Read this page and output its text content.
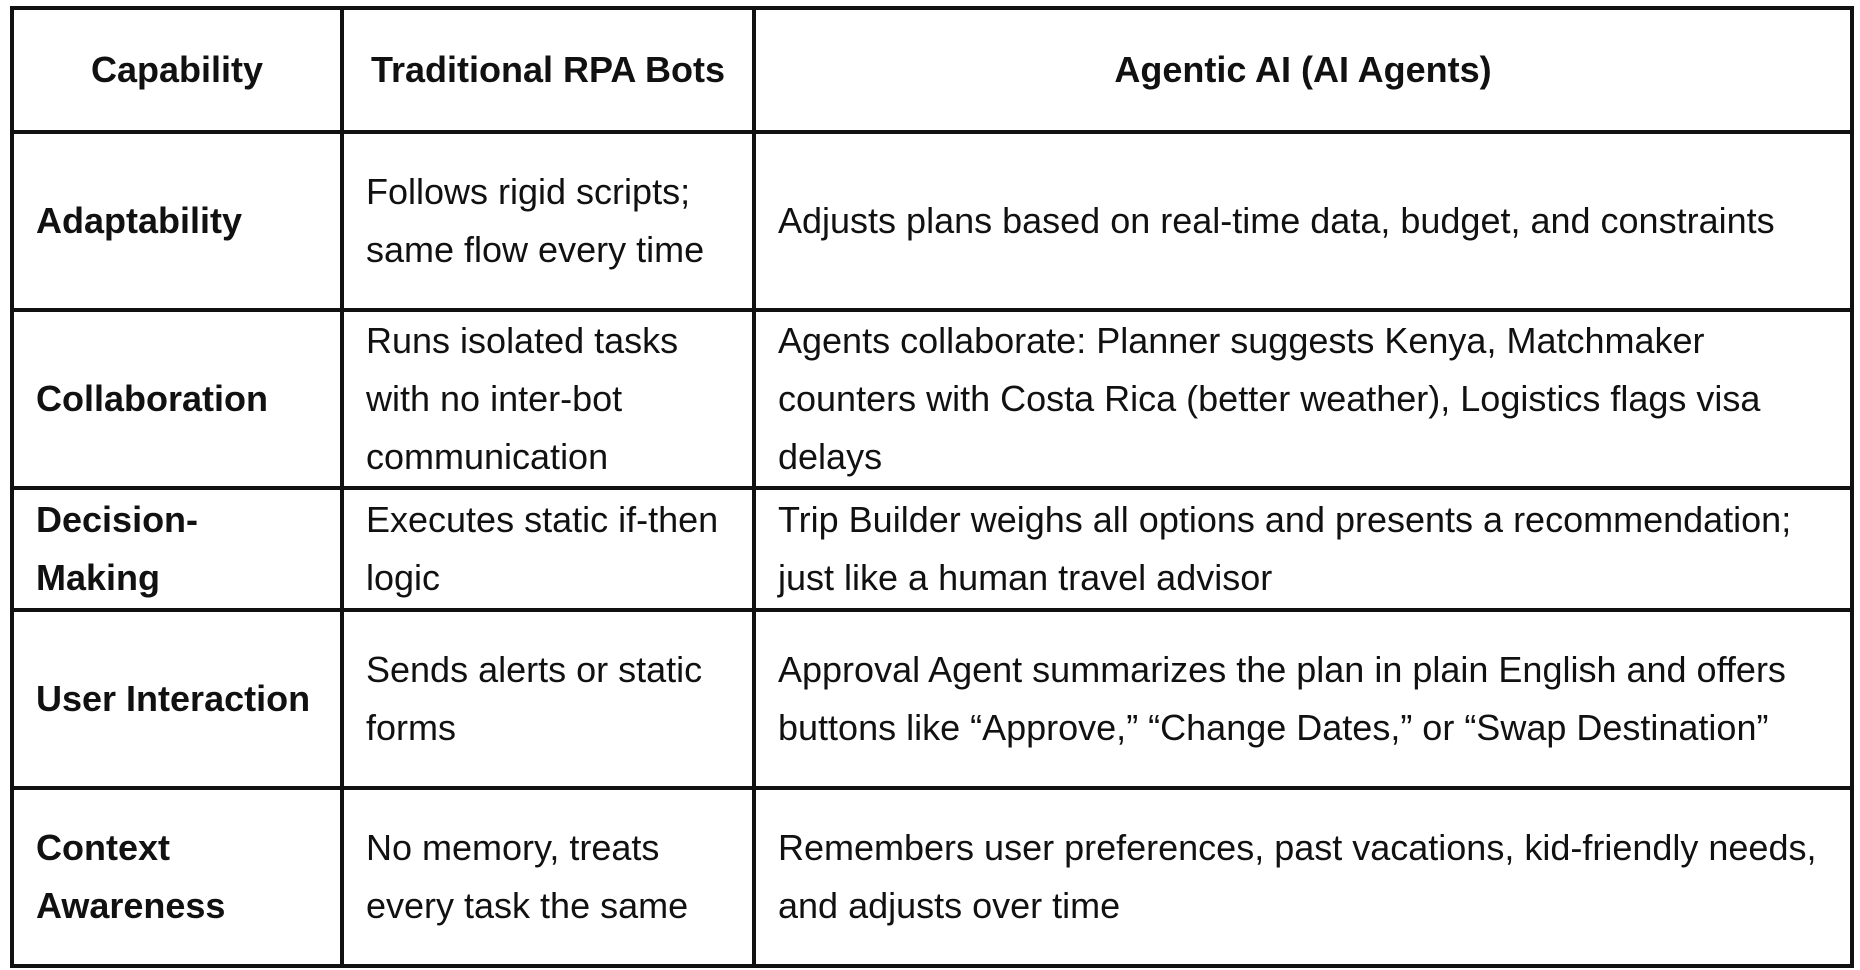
Capability	Traditional RPA Bots	Agentic AI (AI Agents)
Adaptability	Follows rigid scripts; same flow every time	Adjusts plans based on real-time data, budget, and constraints
Collaboration	Runs isolated tasks with no inter-bot communication	Agents collaborate: Planner suggests Kenya, Matchmaker counters with Costa Rica (better weather), Logistics flags visa delays
Decision-Making	Executes static if-then logic	Trip Builder weighs all options and presents a recommendation; just like a human travel advisor
User Interaction	Sends alerts or static forms	Approval Agent summarizes the plan in plain English and offers buttons like “Approve,” “Change Dates,” or “Swap Destination”
Context Awareness	No memory, treats every task the same	Remembers user preferences, past vacations, kid-friendly needs, and adjusts over time
